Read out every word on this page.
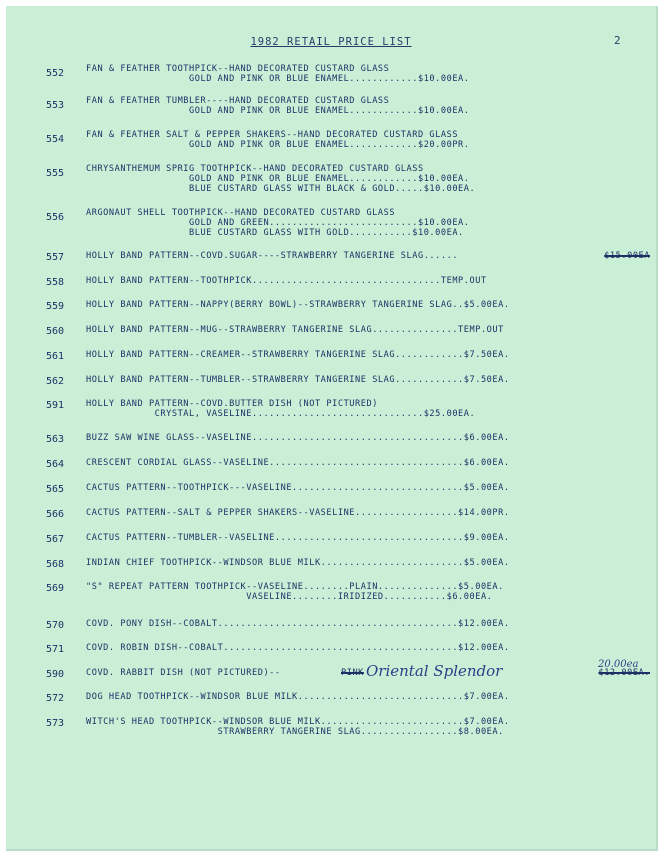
1982 RETAIL PRICE LIST	2
552	FAN & FEATHER TOOTHPICK--HAND DECORATED CUSTARD GLASS
GOLD AND PINK OR BLUE ENAMEL............$10.00EA.
553	FAN & FEATHER TUMBLER----HAND DECORATED CUSTARD GLASS
GOLD AND PINK OR BLUE ENAMEL............$10.00EA.
554	FAN & FEATHER SALT & PEPPER SHAKERS--HAND DECORATED CUSTARD GLASS
GOLD AND PINK OR BLUE ENAMEL............$20.00PR.
555	CHRYSANTHEMUM SPRIG TOOTHPICK--HAND DECORATED CUSTARD GLASS
GOLD AND PINK OR BLUE ENAMEL............$10.00EA.
BLUE CUSTARD GLASS WITH BLACK & GOLD.....$10.00EA.
556	ARGONAUT SHELL TOOTHPICK--HAND DECORATED CUSTARD GLASS
GOLD AND GREEN..........................$10.00EA.
BLUE CUSTARD GLASS WITH GOLD...........$10.00EA.
557	HOLLY BAND PATTERN--COVD.SUGAR----STRAWBERRY TANGERINE SLAG......	$15.00EA
558	HOLLY BAND PATTERN--TOOTHPICK.................................TEMP.OUT
559	HOLLY BAND PATTERN--NAPPY(BERRY BOWL)--STRAWBERRY TANGERINE SLAG..$5.00EA.
560	HOLLY BAND PATTERN--MUG--STRAWBERRY TANGERINE SLAG...............TEMP.OUT
561	HOLLY BAND PATTERN--CREAMER--STRAWBERRY TANGERINE SLAG............$7.50EA.
562	HOLLY BAND PATTERN--TUMBLER--STRAWBERRY TANGERINE SLAG............$7.50EA.
591	HOLLY BAND PATTERN--COVD.BUTTER DISH (NOT PICTURED)
CRYSTAL, VASELINE..............................$25.00EA.
563	BUZZ SAW WINE GLASS--VASELINE.....................................$6.00EA.
564	CRESCENT CORDIAL GLASS--VASELINE..................................$6.00EA.
565	CACTUS PATTERN--TOOTHPICK---VASELINE..............................$5.00EA.
566	CACTUS PATTERN--SALT & PEPPER SHAKERS--VASELINE..................$14.00PR.
567	CACTUS PATTERN--TUMBLER--VASELINE.................................$9.00EA.
568	INDIAN CHIEF TOOTHPICK--WINDSOR BLUE MILK.........................$5.00EA.
569	"S" REPEAT PATTERN TOOTHPICK--VASELINE........PLAIN..............$5.00EA.
VASELINE........IRIDIZED...........$6.00EA.
570	COVD. PONY DISH--COBALT..........................................$12.00EA.
571	COVD. ROBIN DISH--COBALT.........................................$12.00EA.
590	COVD. RABBIT DISH (NOT PICTURED)--	PINK Oriental Splendor	20.00ea
$12.00EA.
572	DOG HEAD TOOTHPICK--WINDSOR BLUE MILK.............................$7.00EA.
573	WITCH'S HEAD TOOTHPICK--WINDSOR BLUE MILK.........................$7.00EA.
STRAWBERRY TANGERINE SLAG.................$8.00EA.
